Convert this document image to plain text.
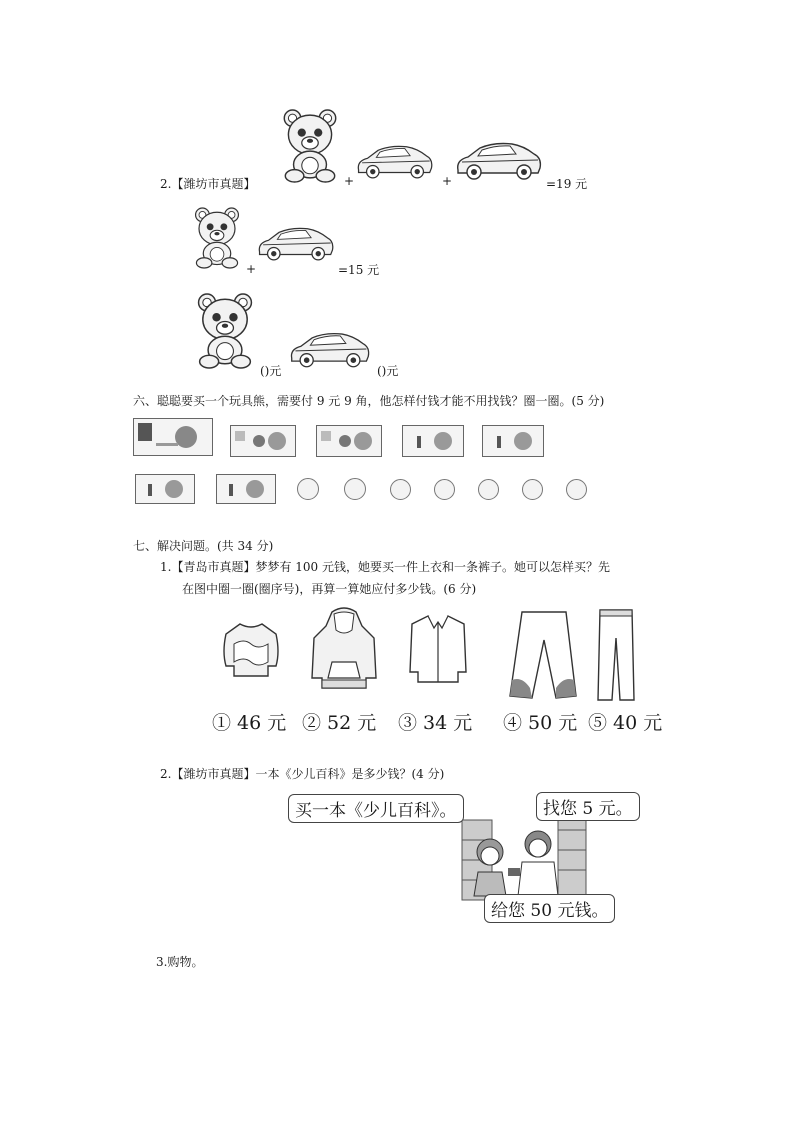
2.【潍坊市真题】	+	+	=19 元
+	=15 元
()元	()元
六、聪聪要买一个玩具熊，需要付 9 元 9 角，他怎样付钱才能不用找钱？圈一圈。(5 分)
七、解决问题。(共 34 分)
1.【青岛市真题】梦梦有 100 元钱，她要买一件上衣和一条裤子。她可以怎样买？先
在图中圈一圈(圈序号)，再算一算她应付多少钱。(6 分)
① 46 元 ② 52 元 ③ 34 元 ④ 50 元 ⑤ 40 元
2.【潍坊市真题】一本《少儿百科》是多少钱？(4 分)
买一本《少儿百科》。	找您 5 元。
给您 50 元钱。
3.购物。
